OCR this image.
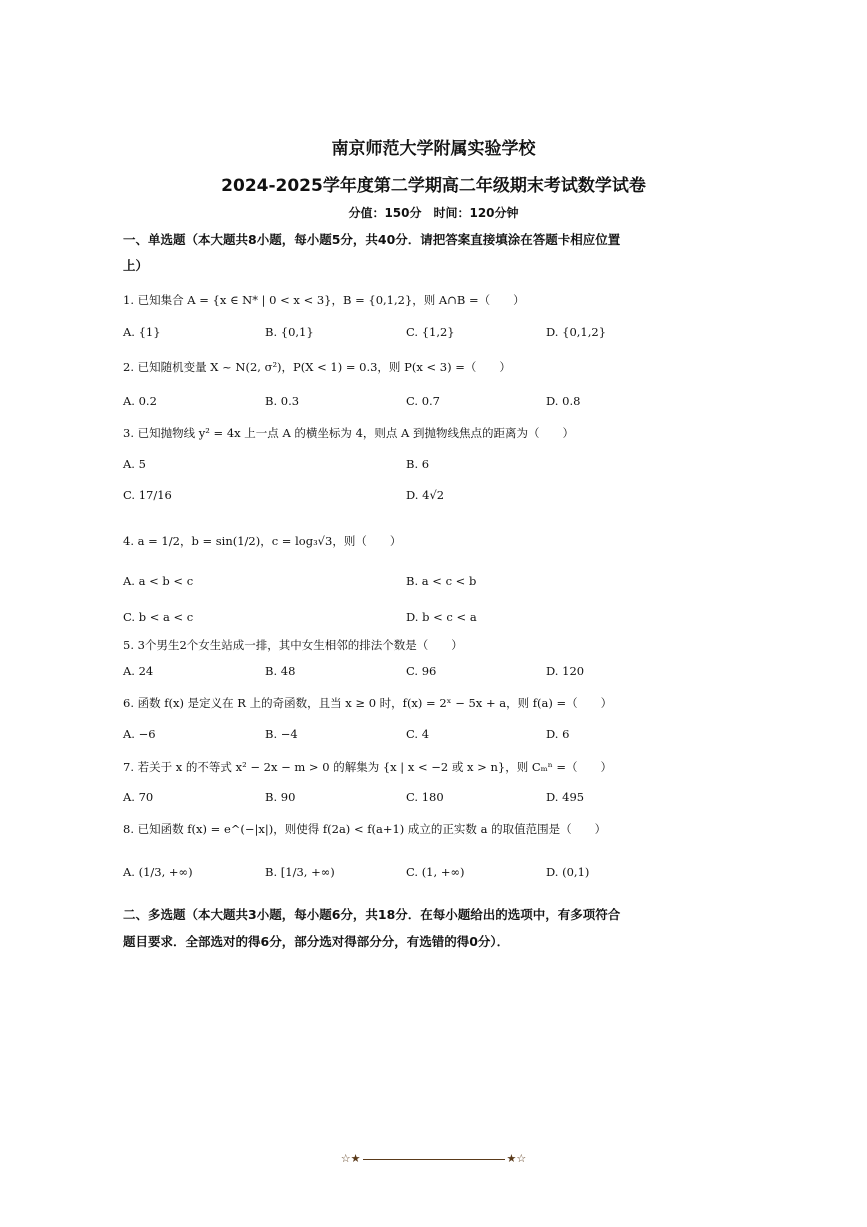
南京师范大学附属实验学校
2024-2025学年度第二学期高二年级期末考试数学试卷
分值：150分　时间：120分钟
一、单选题（本大题共8小题，每小题5分，共40分．请把答案直接填涂在答题卡相应位置
上）
1. 已知集合 A = {x ∈ N* | 0 < x < 3}，B = {0,1,2}，则 A∩B =（　　）
A. {1}	B. {0,1}	C. {1,2}	D. {0,1,2}
2. 已知随机变量 X ~ N(2, σ²)，P(X < 1) = 0.3，则 P(x < 3) =（　　）
A. 0.2	B. 0.3	C. 0.7	D. 0.8
3. 已知抛物线 y² = 4x 上一点 A 的横坐标为 4，则点 A 到抛物线焦点的距离为（　　）
A. 5	B. 6
C. 17/16	D. 4√2
4. a = 1/2，b = sin(1/2)，c = log₃√3，则（　　）
A. a < b < c	B. a < c < b
C. b < a < c	D. b < c < a
5. 3个男生2个女生站成一排，其中女生相邻的排法个数是（　　）
A. 24	B. 48	C. 96	D. 120
6. 函数 f(x) 是定义在 R 上的奇函数，且当 x ≥ 0 时，f(x) = 2ˣ − 5x + a，则 f(a) =（　　）
A. −6	B. −4	C. 4	D. 6
7. 若关于 x 的不等式 x² − 2x − m > 0 的解集为 {x | x < −2 或 x > n}，则 Cₘⁿ =（　　）
A. 70	B. 90	C. 180	D. 495
8. 已知函数 f(x) = e^(−|x|)，则使得 f(2a) < f(a+1) 成立的正实数 a 的取值范围是（　　）
A. (1/3, +∞)	B. [1/3, +∞)	C. (1, +∞)	D. (0,1)
二、多选题（本大题共3小题，每小题6分，共18分．在每小题给出的选项中，有多项符合
题目要求．全部选对的得6分，部分选对得部分分，有选错的得0分）．
☆★	★☆
